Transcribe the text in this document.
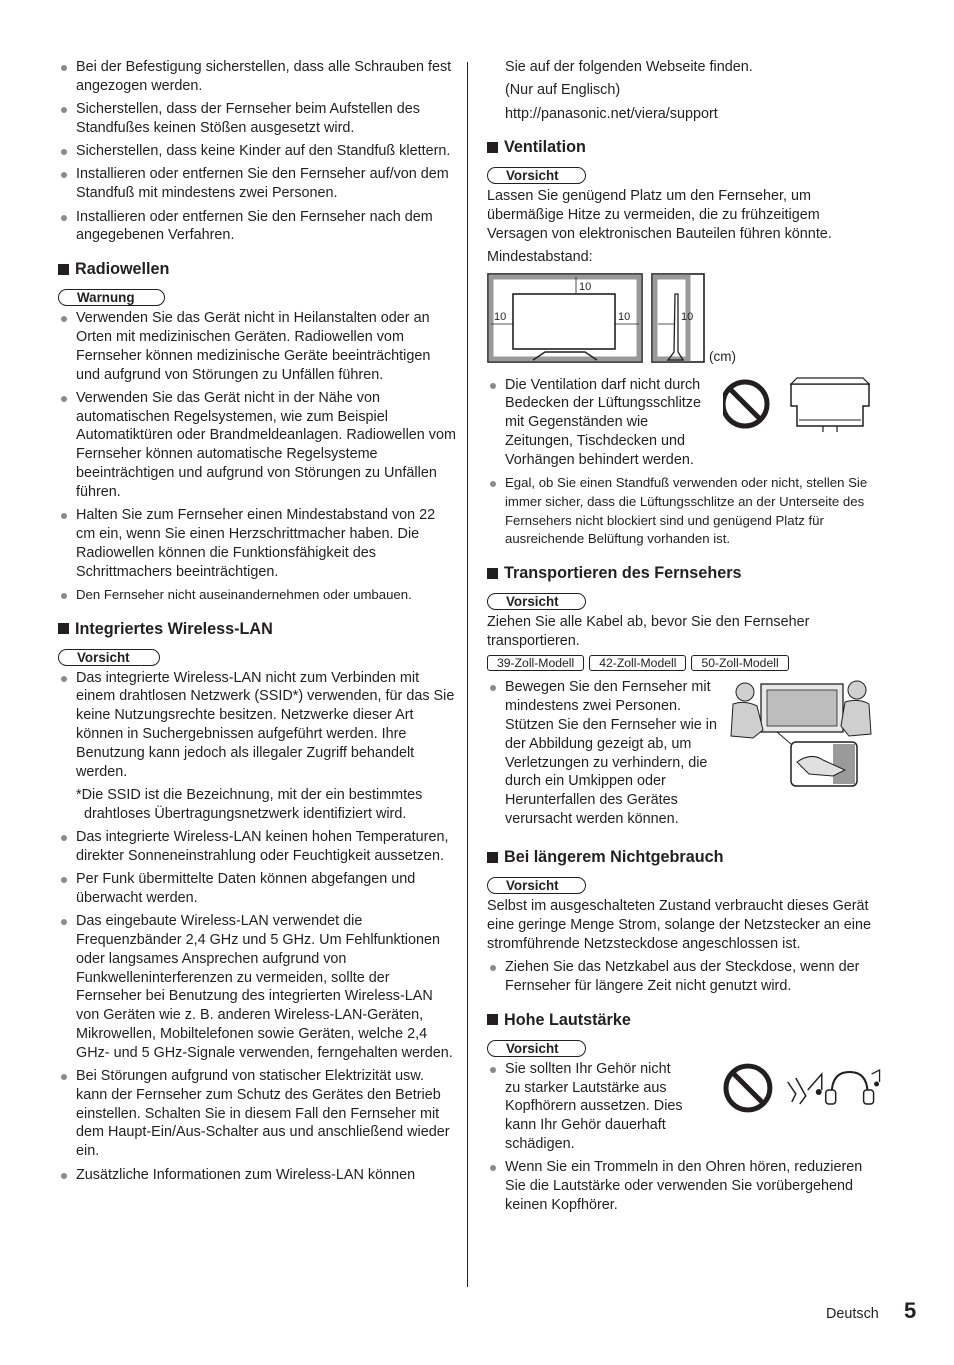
Bei der Befestigung sicherstellen, dass alle Schrauben fest angezogen werden.
Sicherstellen, dass der Fernseher beim Aufstellen des Standfußes keinen Stößen ausgesetzt wird.
Sicherstellen, dass keine Kinder auf den Standfuß klettern.
Installieren oder entfernen Sie den Fernseher auf/von dem Standfuß mit mindestens zwei Personen.
Installieren oder entfernen Sie den Fernseher nach dem angegebenen Verfahren.
Radiowellen
Warnung
Verwenden Sie das Gerät nicht in Heilanstalten oder an Orten mit medizinischen Geräten. Radiowellen vom Fernseher können medizinische Geräte beeinträchtigen und aufgrund von Störungen zu Unfällen führen.
Verwenden Sie das Gerät nicht in der Nähe von automatischen Regelsystemen, wie zum Beispiel Automatiktüren oder Brandmeldeanlagen. Radiowellen vom Fernseher können automatische Regelsysteme beeinträchtigen und aufgrund von Störungen zu Unfällen führen.
Halten Sie zum Fernseher einen Mindestabstand von 22 cm ein, wenn Sie einen Herzschrittmacher haben. Die Radiowellen können die Funktionsfähigkeit des Schrittmachers beeinträchtigen.
Den Fernseher nicht auseinandernehmen oder umbauen.
Integriertes Wireless-LAN
Vorsicht
Das integrierte Wireless-LAN nicht zum Verbinden mit einem drahtlosen Netzwerk (SSID*) verwenden, für das Sie keine Nutzungsrechte besitzen. Netzwerke dieser Art können in Suchergebnissen aufgeführt werden. Ihre Benutzung kann jedoch als illegaler Zugriff behandelt werden.
*Die SSID ist die Bezeichnung, mit der ein bestimmtes drahtloses Übertragungsnetzwerk identifiziert wird.
Das integrierte Wireless-LAN keinen hohen Temperaturen, direkter Sonneneinstrahlung oder Feuchtigkeit aussetzen.
Per Funk übermittelte Daten können abgefangen und überwacht werden.
Das eingebaute Wireless-LAN verwendet die Frequenzbänder 2,4 GHz und 5 GHz. Um Fehlfunktionen oder langsames Ansprechen aufgrund von Funkwelleninterferenzen zu vermeiden, sollte der Fernseher bei Benutzung des integrierten Wireless-LAN von Geräten wie z. B. anderen Wireless-LAN-Geräten, Mikrowellen, Mobiltelefonen sowie Geräten, welche 2,4 GHz- und 5 GHz-Signale verwenden, ferngehalten werden.
Bei Störungen aufgrund von statischer Elektrizität usw. kann der Fernseher zum Schutz des Gerätes den Betrieb einstellen. Schalten Sie in diesem Fall den Fernseher mit dem Haupt-Ein/Aus-Schalter aus und anschließend wieder ein.
Zusätzliche Informationen zum Wireless-LAN können
Sie auf der folgenden Webseite finden.
(Nur auf Englisch)
http://panasonic.net/viera/support
Ventilation
Vorsicht
Lassen Sie genügend Platz um den Fernseher, um übermäßige Hitze zu vermeiden, die zu frühzeitigem Versagen von elektronischen Bauteilen führen könnte.
Mindestabstand:
10
10	10	10
(cm)
Die Ventilation darf nicht durch Bedecken der Lüftungsschlitze mit Gegenständen wie Zeitungen, Tischdecken und Vorhängen behindert werden.
Egal, ob Sie einen Standfuß verwenden oder nicht, stellen Sie immer sicher, dass die Lüftungsschlitze an der Unterseite des Fernsehers nicht blockiert sind und genügend Platz für ausreichende Belüftung vorhanden ist.
Transportieren des Fernsehers
Vorsicht
Ziehen Sie alle Kabel ab, bevor Sie den Fernseher transportieren.
39-Zoll-Modell	42-Zoll-Modell	50-Zoll-Modell
Bewegen Sie den Fernseher mit mindestens zwei Personen. Stützen Sie den Fernseher wie in der Abbildung gezeigt ab, um Verletzungen zu verhindern, die durch ein Umkippen oder Herunterfallen des Gerätes verursacht werden können.
Bei längerem Nichtgebrauch
Vorsicht
Selbst im ausgeschalteten Zustand verbraucht dieses Gerät eine geringe Menge Strom, solange der Netzstecker an eine stromführende Netzsteckdose angeschlossen ist.
Ziehen Sie das Netzkabel aus der Steckdose, wenn der Fernseher für längere Zeit nicht genutzt wird.
Hohe Lautstärke
Vorsicht
Sie sollten Ihr Gehör nicht zu starker Lautstärke aus Kopfhörern aussetzen. Dies kann Ihr Gehör dauerhaft schädigen.
Wenn Sie ein Trommeln in den Ohren hören, reduzieren Sie die Lautstärke oder verwenden Sie vorübergehend keinen Kopfhörer.
Deutsch 5
